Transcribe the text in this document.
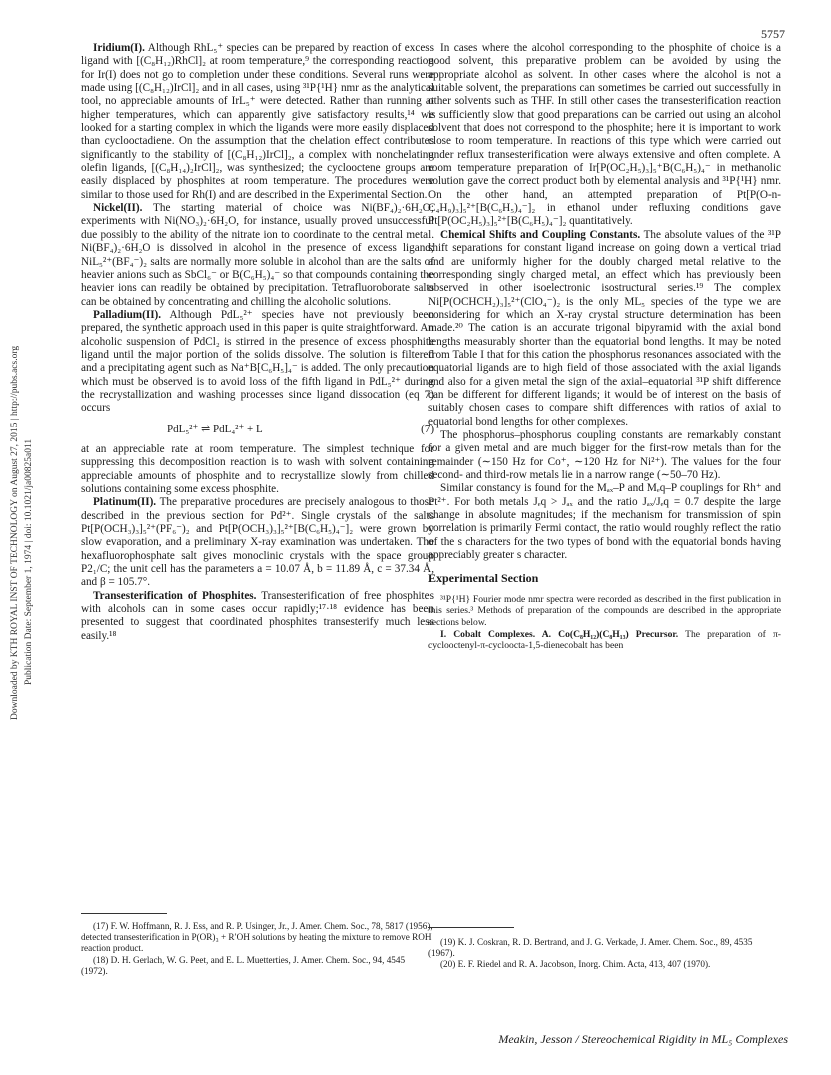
5757
Downloaded by KTH ROYAL INST OF TECHNOLOGY on August 27, 2015 | http://pubs.acs.org Publication Date: September 1, 1974 | doi: 10.1021/ja00825a011

Iridium(I). Although RhL₅⁺ species can be prepared by reaction of excess ligand with [(C₈H₁₂)RhCl]₂ at room temperature,⁹ the corresponding reaction for Ir(I) does not go to completion under these conditions. Several runs were made using [(C₈H₁₂)IrCl]₂ and in all cases, using ³¹P{¹H} nmr as the analytical tool, no appreciable amounts of IrL₅⁺ were detected. Rather than running at higher temperatures, which can apparently give satisfactory results,¹⁴ we looked for a starting complex in which the ligands were more easily displaced than cyclooctadiene. On the assumption that the chelation effect contributes significantly to the stability of [(C₈H₁₂)IrCl]₂, a complex with nonchelating olefin ligands, [(C₈H₁₄)₂IrCl]₂, was synthesized; the cyclooctene groups are easily displaced by phosphites at room temperature. The procedures were similar to those used for Rh(I) and are described in the Experimental Section.

Nickel(II). The starting material of choice was Ni(BF₄)₂·6H₂O; experiments with Ni(NO₃)₂·6H₂O, for instance, usually proved unsuccessful due possibly to the ability of the nitrate ion to coordinate to the central metal. Ni(BF₄)₂·6H₂O is dissolved in alcohol in the presence of excess ligand; NiL₅²⁺(BF₄⁻)₂ salts are normally more soluble in alcohol than are the salts of heavier anions such as SbCl₆⁻ or B(C₆H₅)₄⁻ so that compounds containing the heavier ions can readily be obtained by precipitation. Tetrafluoroborate salts can be obtained by concentrating and chilling the alcoholic solutions.

Palladium(II). Although PdL₅²⁺ species have not previously been prepared, the synthetic approach used in this paper is quite straightforward. An alcoholic suspension of PdCl₂ is stirred in the presence of excess phosphite ligand until the major portion of the solids dissolve. The solution is filtered and a precipitating agent such as Na⁺B[C₆H₅]₄⁻ is added. The only precaution which must be observed is to avoid loss of the fifth ligand in PdL₅²⁺ during the recrystallization and washing processes since ligand dissocation (eq 7) occurs

PdL₅²⁺ ⇌ PdL₄²⁺ + L	(7)

at an appreciable rate at room temperature. The simplest technique for suppressing this decomposition reaction is to wash with solvent containing appreciable amounts of phosphite and to recrystallize slowly from chilled solutions containing some excess phosphite.

Platinum(II). The preparative procedures are precisely analogous to those described in the previous section for Pd²⁺. Single crystals of the salts Pt[P(OCH₃)₃]₅²⁺(PF₆⁻)₂ and Pt[P(OCH₃)₃]₅²⁺[B(C₆H₅)₄⁻]₂ were grown by slow evaporation, and a preliminary X-ray examination was undertaken. The hexafluorophosphate salt gives monoclinic crystals with the space group P2₁/C; the unit cell has the parameters a = 10.07 Å, b = 11.89 Å, c = 37.34 Å, and β = 105.7°.

Transesterification of Phosphites. Transesterification of free phosphites with alcohols can in some cases occur rapidly;¹⁷·¹⁸ evidence has been presented to suggest that coordinated phosphites transesterify much less easily.¹⁸

In cases where the alcohol corresponding to the phosphite of choice is a good solvent, this preparative problem can be avoided by using the appropriate alcohol as solvent. In other cases where the alcohol is not a suitable solvent, the preparations can sometimes be carried out successfully in other solvents such as THF. In still other cases the transesterification reaction is sufficiently slow that good preparations can be carried out using an alcohol solvent that does not correspond to the phosphite; here it is important to work close to room temperature. In reactions of this type which were carried out under reflux transesterification were always extensive and often complete. A room temperature preparation of Ir[P(OC₂H₅)₃]₅⁺B(C₆H₅)₄⁻ in methanolic solution gave the correct product both by elemental analysis and ³¹P{¹H} nmr. On the other hand, an attempted preparation of Pt[P(O-n-C₄H₉)₃]₅²⁺[B(C₆H₅)₄⁻]₂ in ethanol under refluxing conditions gave Pt[P(OC₂H₅)₃]₅²⁺[B(C₆H₅)₄⁻]₂ quantitatively.

Chemical Shifts and Coupling Constants. The absolute values of the ³¹P shift separations for constant ligand increase on going down a vertical triad and are uniformly higher for the doubly charged metal relative to the corresponding singly charged metal, an effect which has previously been observed in other isoelectronic isostructural series.¹⁹ The complex Ni[P(OCHCH₂)₃]₅²⁺(ClO₄⁻)₂ is the only ML₅ species of the type we are considering for which an X-ray crystal structure determination has been made.²⁰ The cation is an accurate trigonal bipyramid with the axial bond lengths measurably shorter than the equatorial bond lengths. It may be noted from Table I that for this cation the phosphorus resonances associated with the equatorial ligands are to high field of those associated with the axial ligands and also for a given metal the sign of the axial–equatorial ³¹P shift difference can be different for different ligands; it would be of interest on the basis of suitably chosen cases to compare shift differences with ratios of axial to equatorial bond lengths for other complexes.

The phosphorus–phosphorus coupling constants are remarkably constant for a given metal and are much bigger for the first-row metals than for the remainder (∼150 Hz for Co⁺, ∼120 Hz for Ni²⁺). The values for the four second- and third-row metals lie in a narrow range (∼50–70 Hz).

Similar constancy is found for the Mₐₓ–P and Mₑq–P couplings for Rh⁺ and Pt²⁺. For both metals Jₑq > Jₐₓ and the ratio Jₐₓ/Jₑq = 0.7 despite the large change in absolute magnitudes; if the mechanism for transmission of spin correlation is primarily Fermi contact, the ratio would roughly reflect the ratio of the s characters for the two types of bond with the equatorial bonds having appreciably greater s character.

Experimental Section

³¹P{¹H} Fourier mode nmr spectra were recorded as described in the first publication in this series.³ Methods of preparation of the compounds are described in the appropriate sections below.

I. Cobalt Complexes. A. Co(C₈H₁₂)(C₈H₁₃) Precursor. The preparation of π-cyclooctenyl-π-cycloocta-1,5-dienecobalt has been

(17) F. W. Hoffmann, R. J. Ess, and R. P. Usinger, Jr., J. Amer. Chem. Soc., 78, 5817 (1956), detected transesterification in P(OR)₃ + R′OH solutions by heating the mixture to remove ROH reaction product.
(18) D. H. Gerlach, W. G. Peet, and E. L. Muetterties, J. Amer. Chem. Soc., 94, 4545 (1972).
(19) K. J. Coskran, R. D. Bertrand, and J. G. Verkade, J. Amer. Chem. Soc., 89, 4535 (1967).
(20) E. F. Riedel and R. A. Jacobson, Inorg. Chim. Acta, 413, 407 (1970).
Meakin, Jesson / Stereochemical Rigidity in ML₅ Complexes
